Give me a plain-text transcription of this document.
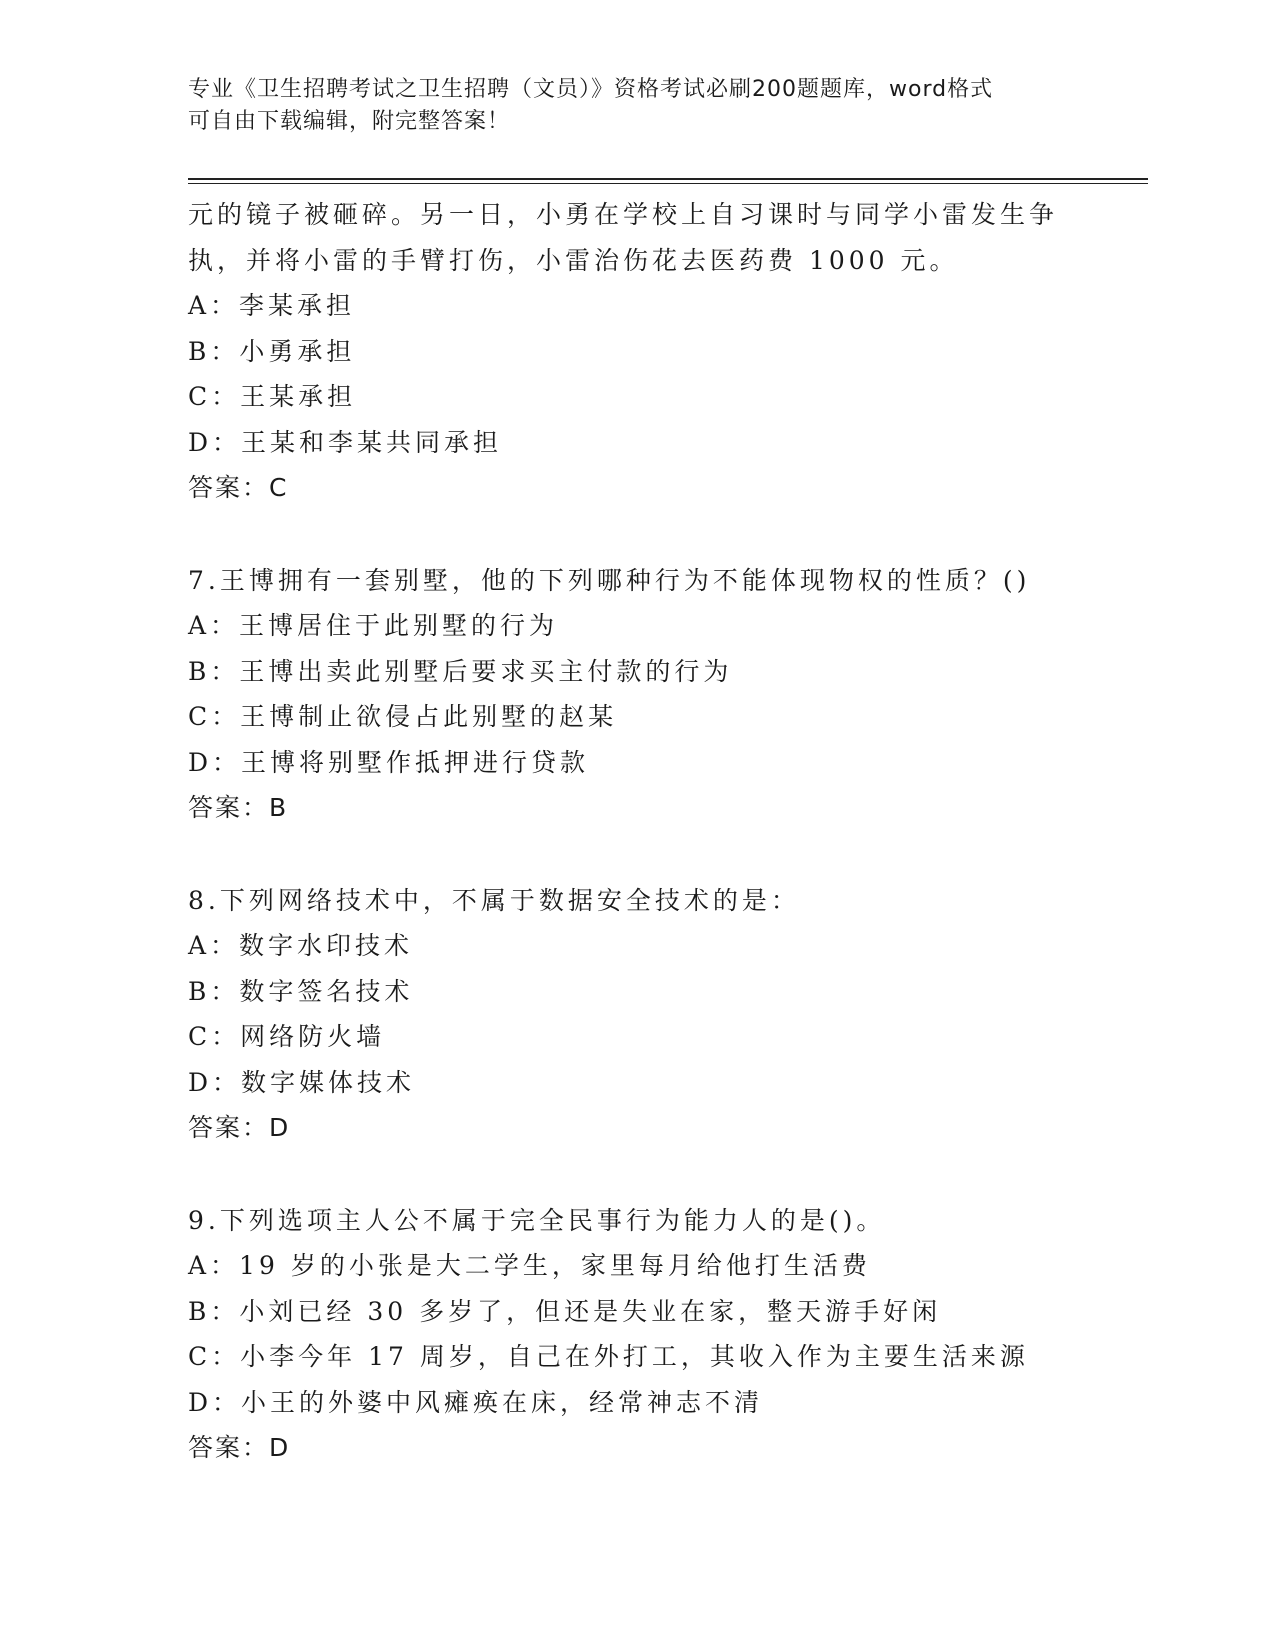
专业《卫生招聘考试之卫生招聘（文员）》资格考试必刷200题题库，word格式
可自由下载编辑，附完整答案！
元的镜子被砸碎。另一日，小勇在学校上自习课时与同学小雷发生争
执，并将小雷的手臂打伤，小雷治伤花去医药费 1000 元。
A：李某承担
B：小勇承担
C：王某承担
D：王某和李某共同承担
答案：C
7.王博拥有一套别墅，他的下列哪种行为不能体现物权的性质？()
A：王博居住于此别墅的行为
B：王博出卖此别墅后要求买主付款的行为
C：王博制止欲侵占此别墅的赵某
D：王博将别墅作抵押进行贷款
答案：B
8.下列网络技术中，不属于数据安全技术的是：
A：数字水印技术
B：数字签名技术
C：网络防火墙
D：数字媒体技术
答案：D
9.下列选项主人公不属于完全民事行为能力人的是()。
A：19 岁的小张是大二学生，家里每月给他打生活费
B：小刘已经 30 多岁了，但还是失业在家，整天游手好闲
C：小李今年 17 周岁，自己在外打工，其收入作为主要生活来源
D：小王的外婆中风瘫痪在床，经常神志不清
答案：D
